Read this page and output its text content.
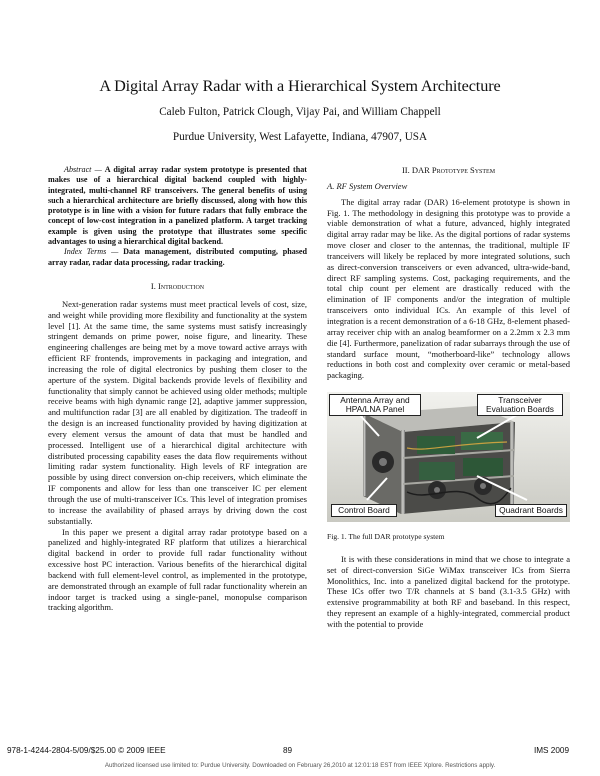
A Digital Array Radar with a Hierarchical System Architecture
Caleb Fulton, Patrick Clough, Vijay Pai, and William Chappell
Purdue University, West Lafayette, Indiana, 47907, USA

Abstract — A digital array radar system prototype is presented that makes use of a hierarchical digital backend coupled with highly-integrated, multi-channel RF transceivers. The general benefits of using such a hierarchical architecture are briefly discussed, along with how this prototype is in line with a vision for future radars that fully embrace the concept of low-cost integration in a panelized platform. A target tracking example is given using the prototype that illustrates some specific advantages to using a hierarchical digital backend.

Index Terms — Data management, distributed computing, phased array radar, radar data processing, radar tracking.

I. Introduction

Next-generation radar systems must meet practical levels of cost, size, and weight while providing more flexibility and functionality at the system level [1]. At the same time, the same systems must satisfy increasingly stringent demands on prime power, noise figure, and linearity. These engineering challenges are being met by a move toward active arrays with efficient RF frontends, improvements in packaging and integration, and increasing the role of digital electronics by pushing them closer to the aperture of the system. Digital backends provide levels of flexibility and functionality that simply cannot be achieved using older methods; multiple receive beams with high dynamic range [2], adaptive jammer suppression, and multifunction radar [3] are all enabled by digitization. The tradeoff in the design is an increased functionality provided by having digitization at every element versus the amount of data that must be handled and processed. Intelligent use of a hierarchical digital architecture with distributed processing capability eases the data flow requirements without limiting radar system functionality. High levels of RF integration are possible by using direct conversion on-chip receivers, which eliminate the IF components and allow for less than one transceiver IC per element through the use of multi-transceiver ICs. This level of integration promises to increase the availability of phased arrays by driving down the cost substantially.

In this paper we present a digital array radar prototype based on a panelized and highly-integrated RF platform that utilizes a hierarchical digital backend in order to provide full radar functionality without excessive host PC interaction. Various benefits of the hierarchical digital backend with full element-level control, as implemented in the prototype, are demonstrated through an example of full radar functionality wherein an indoor target is tracked using a single-panel, monopulse comparison tracking algorithm.

II. DAR Prototype System

A. RF System Overview

The digital array radar (DAR) 16-element prototype is shown in Fig. 1. The methodology in designing this prototype was to provide a viable demonstration of what a future, advanced, highly integrated digital array radar may be like. As the digital portions of radar systems move closer and closer to the antennas, the traditional, multiple IF tranceivers will likely be replaced by more integrated solutions, such as direct-conversion transceivers or even advanced, ultra-wide-band, direct RF sampling systems. Cost, packaging requirements, and the total chip count per element are drastically reduced with the elimination of IF components and/or the integration of multiple transceivers onto individual ICs. An example of this level of integration is a recent demonstration of a 6-18 GHz, 8-element phased-array receiver chip with an analog beamformer on a 2.2mm x 2.3 mm die [4]. Furthermore, panelization of radar subarrays through the use of standard surface mount, “motherboard-like” technology allows reductions in both cost and complexity over ceramic or metal-based packaging.

Antenna Array and HPA/LNA Panel
Transceiver Evaluation Boards
Control Board	Quadrant Boards

Fig. 1. The full DAR prototype system

It is with these considerations in mind that we chose to integrate a set of direct-conversion SiGe WiMax transceiver ICs from Sierra Monolithics, Inc. into a panelized digital backend for the prototype. These ICs offer two T/R channels at S band (3.1-3.5 GHz) with extensive programmability at both RF and baseband. In this respect, they represent an example of a highly-integrated, commercial product with the potential to provide

978-1-4244-2804-5/09/$25.00 © 2009 IEEE	89	IMS 2009
Authorized licensed use limited to: Purdue University. Downloaded on February 26,2010 at 12:01:18 EST from IEEE Xplore. Restrictions apply.
